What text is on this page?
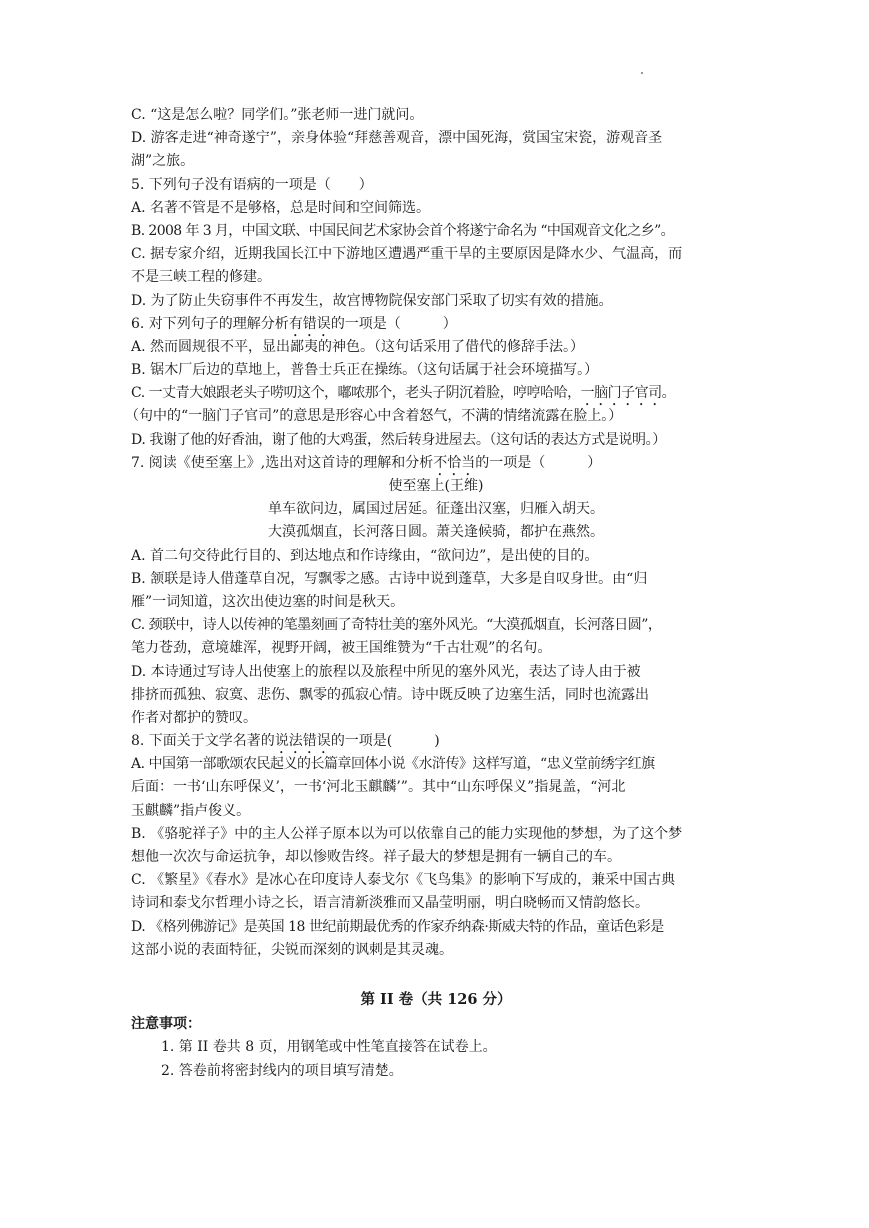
C. “这是怎么啦？同学们。”张老师一进门就问。
D. 游客走进“神奇遂宁”，亲身体验“拜慈善观音，漂中国死海，赏国宝宋瓷，游观音圣
湖”之旅。
5. 下列句子没有语病的一项是（　　）
A. 名著不管是不是够格，总是时间和空间筛选。
B. 2008 年 3 月，中国文联、中国民间艺术家协会首个将遂宁命名为 “中国观音文化之乡”。
C. 据专家介绍，近期我国长江中下游地区遭遇严重干旱的主要原因是降水少、气温高，而
不是三峡工程的修建。
D. 为了防止失窃事件不再发生，故宫博物院保安部门采取了切实有效的措施。
6. 对下列句子的理解分析有错误的一项是（　　　）
A. 然而圆规很不平，显出鄙夷的神色。（这句话采用了借代的修辞手法。）
B. 锯木厂后边的草地上，普鲁士兵正在操练。（这句话属于社会环境描写。）
C. 一丈青大娘跟老头子唠叨这个，嘟哝那个，老头子阴沉着脸，哼哼哈哈，一脑门子官司。
（句中的“一脑门子官司”的意思是形容心中含着怒气，不满的情绪流露在脸上。）
D. 我谢了他的好香油，谢了他的大鸡蛋，然后转身进屋去。（这句话的表达方式是说明。）
7. 阅读《使至塞上》,选出对这首诗的理解和分析不恰当的一项是（　　　）
使至塞上(王维)
单车欲问边，属国过居延。征蓬出汉塞，归雁入胡天。
大漠孤烟直，长河落日圆。萧关逢候骑，都护在燕然。
A. 首二句交待此行目的、到达地点和作诗缘由，“欲问边”，是出使的目的。
B. 颔联是诗人借蓬草自况，写飘零之感。古诗中说到蓬草，大多是自叹身世。由“归
雁”一词知道，这次出使边塞的时间是秋天。
C. 颈联中，诗人以传神的笔墨刻画了奇特壮美的塞外风光。“大漠孤烟直，长河落日圆”，
笔力苍劲，意境雄浑，视野开阔，被王国维赞为“千古壮观”的名句。
D. 本诗通过写诗人出使塞上的旅程以及旅程中所见的塞外风光，表达了诗人由于被
排挤而孤独、寂寞、悲伤、飘零的孤寂心情。诗中既反映了边塞生活，同时也流露出
作者对都护的赞叹。
8. 下面关于文学名著的说法错误的一项是(　　　)
A. 中国第一部歌颂农民起义的长篇章回体小说《水浒传》这样写道，“忠义堂前绣字红旗
后面：一书‘山东呼保义’，一书‘河北玉麒麟’”。其中“山东呼保义”指晁盖，“河北
玉麒麟”指卢俊义。
B. 《骆驼祥子》中的主人公祥子原本以为可以依靠自己的能力实现他的梦想，为了这个梦
想他一次次与命运抗争，却以惨败告终。祥子最大的梦想是拥有一辆自己的车。
C. 《繁星》《春水》是冰心在印度诗人泰戈尔《飞鸟集》的影响下写成的，兼采中国古典
诗词和泰戈尔哲理小诗之长，语言清新淡雅而又晶莹明丽，明白晓畅而又情韵悠长。
D. 《格列佛游记》是英国 18 世纪前期最优秀的作家乔纳森·斯威夫特的作品，童话色彩是
这部小说的表面特征，尖锐而深刻的讽刺是其灵魂。
第 II 卷（共 126 分）
注意事项：
1. 第 II 卷共 8 页，用钢笔或中性笔直接答在试卷上。
2. 答卷前将密封线内的项目填写清楚。
